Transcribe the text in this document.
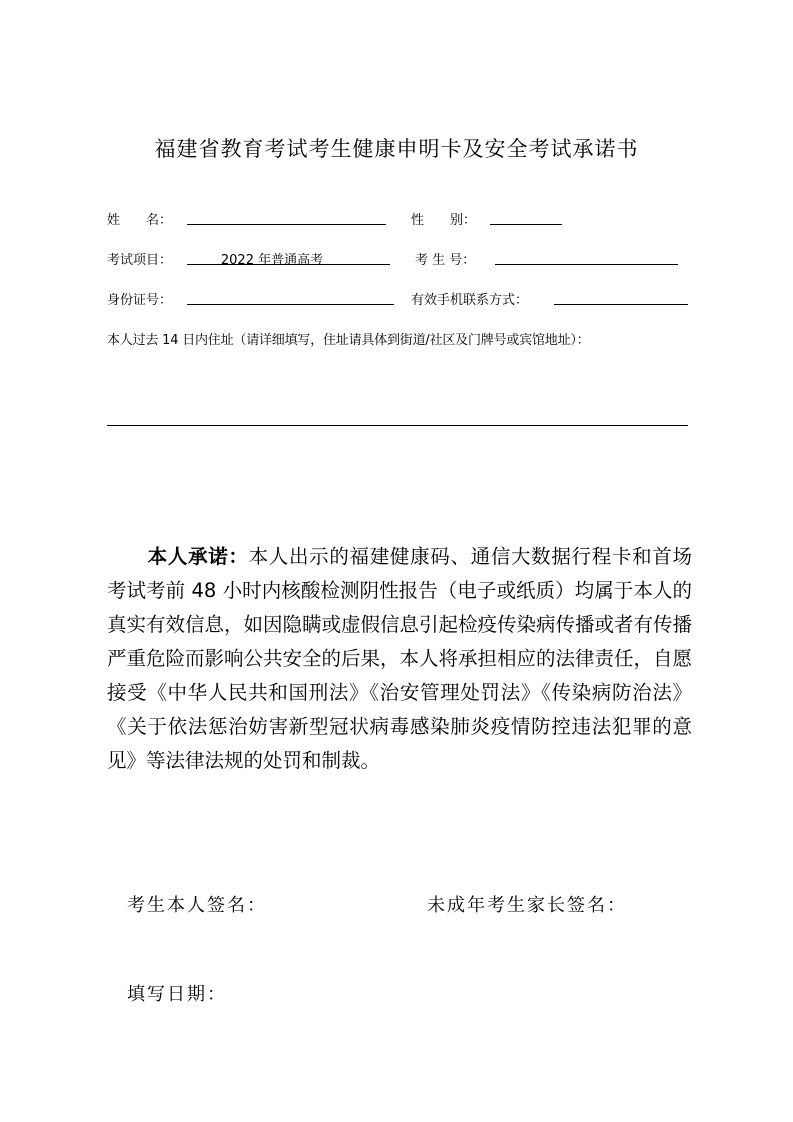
福建省教育考试考生健康申明卡及安全考试承诺书
姓　　名：	性　　别：
考试项目：	2022 年普通高考	考 生 号：
身份证号：	有效手机联系方式：
本人过去 14 日内住址（请详细填写，住址请具体到街道/社区及门牌号或宾馆地址）：
本人承诺：本人出示的福建健康码、通信大数据行程卡和首场考试考前 48 小时内核酸检测阴性报告（电子或纸质）均属于本人的真实有效信息，如因隐瞒或虚假信息引起检疫传染病传播或者有传播严重危险而影响公共安全的后果，本人将承担相应的法律责任，自愿接受《中华人民共和国刑法》《治安管理处罚法》《传染病防治法》《关于依法惩治妨害新型冠状病毒感染肺炎疫情防控违法犯罪的意见》等法律法规的处罚和制裁。
考生本人签名：	未成年考生家长签名：
填写日期：
